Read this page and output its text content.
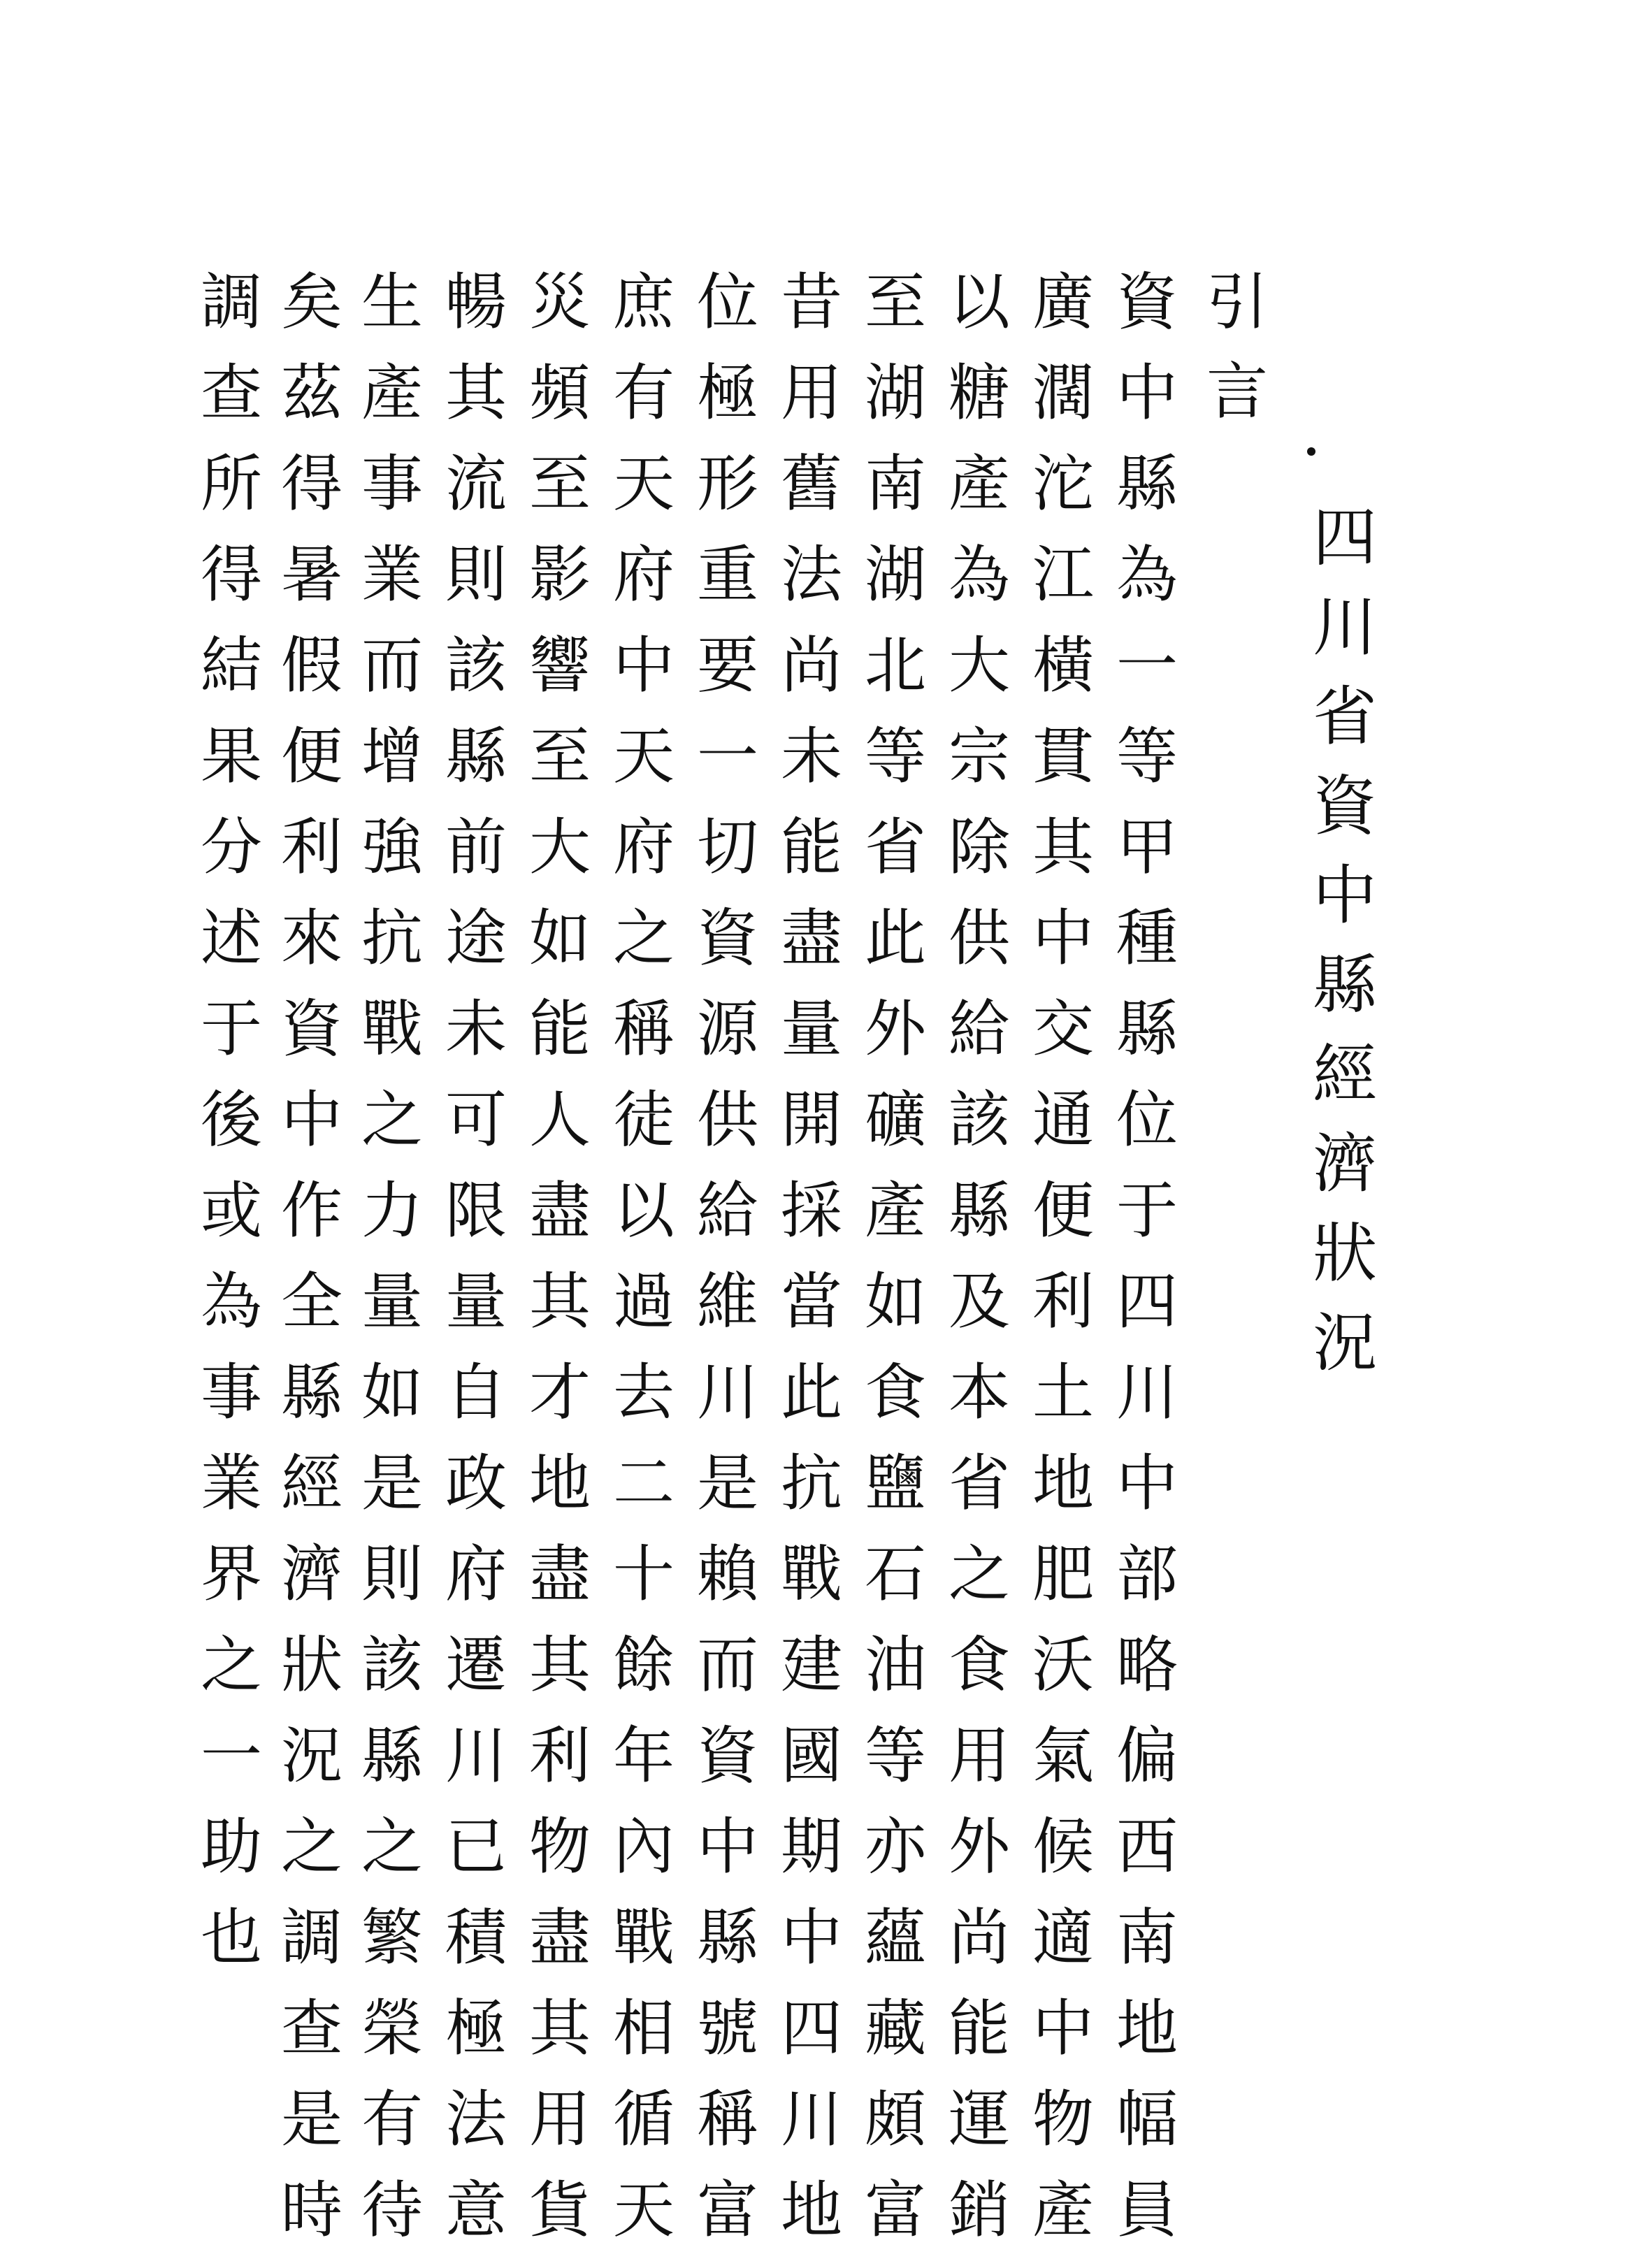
四川省資中縣經濟狀況
引言
資中縣為一等甲種縣位于四川中部略偏西南地幅員
廣濶沱江橫貫其中交通便利土地肥沃氣候適中物產
以糖產為大宗除供給該縣及本省之食用外尚能運銷
至湖南湖北等省此外礦產如食鹽石油等亦蘊藏頗富
昔用舊法尚未能盡量開採當此抗戰建國期中四川地
位極形重要一切資源供給維川是賴而資中縣號稱富
庶有天府中天府之稱徒以過去二十餘年內戰相循天
災頻至影響至大如能人盡其才地盡其利物盡其用貨
暢其流則該縣前途未可限量自政府遷川已積極法意
生產事業而增強抗戰之力量如是則該縣之繁榮有待
矣茲得暑假便利來資中作全縣經濟狀況之調查是時
調查所得結果分述于後或為事業界之一助也
